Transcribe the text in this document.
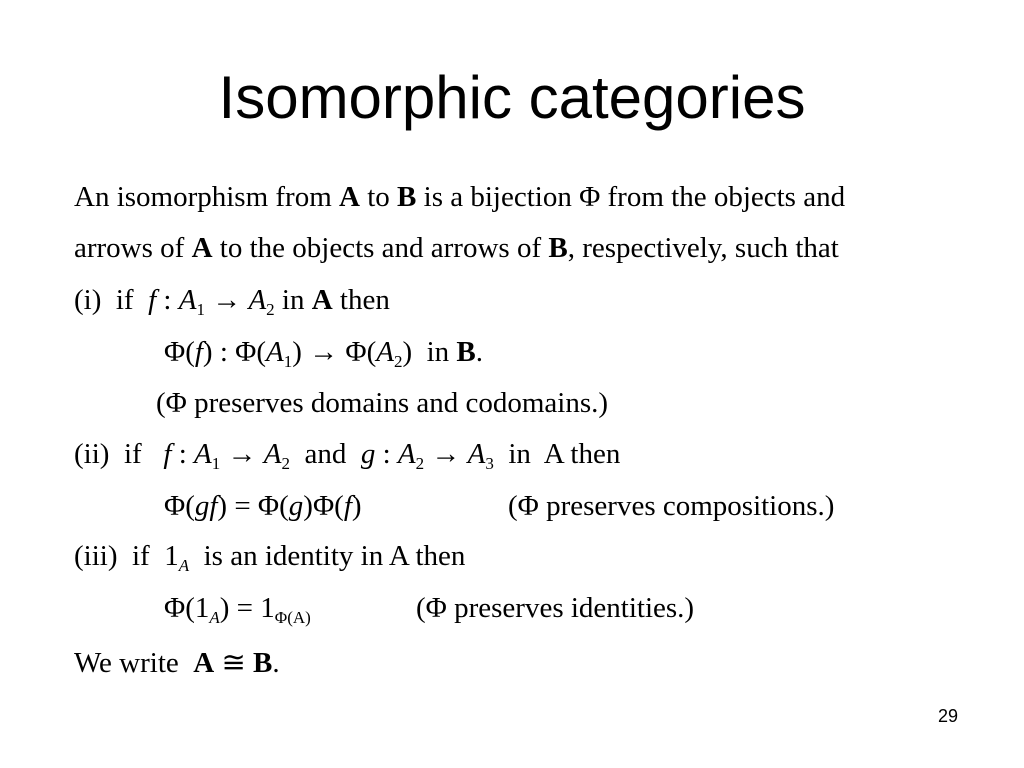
Isomorphic categories
An isomorphism from A to B is a bijection Φ from the objects and
arrows of A to the objects and arrows of B, respectively, such that
(i) if f : $A_1 \to A_2$ in A then
Φ(f) : $\Phi(A_1) \to \Phi(A_2)$  in B.
(Φ preserves domains and codomains.)
(ii) if f : $A_1 \to A_2$  and  g : $A_2 \to A_3$  in  A then
Φ(gf) = Φ(g)Φ(f)	(Φ preserves compositions.)
(iii) if $1_A$  is an identity in A then
$\Phi(1_A) = 1_{\Phi(A)}$	(Φ preserves identities.)
We write  A ≅ B.
29
